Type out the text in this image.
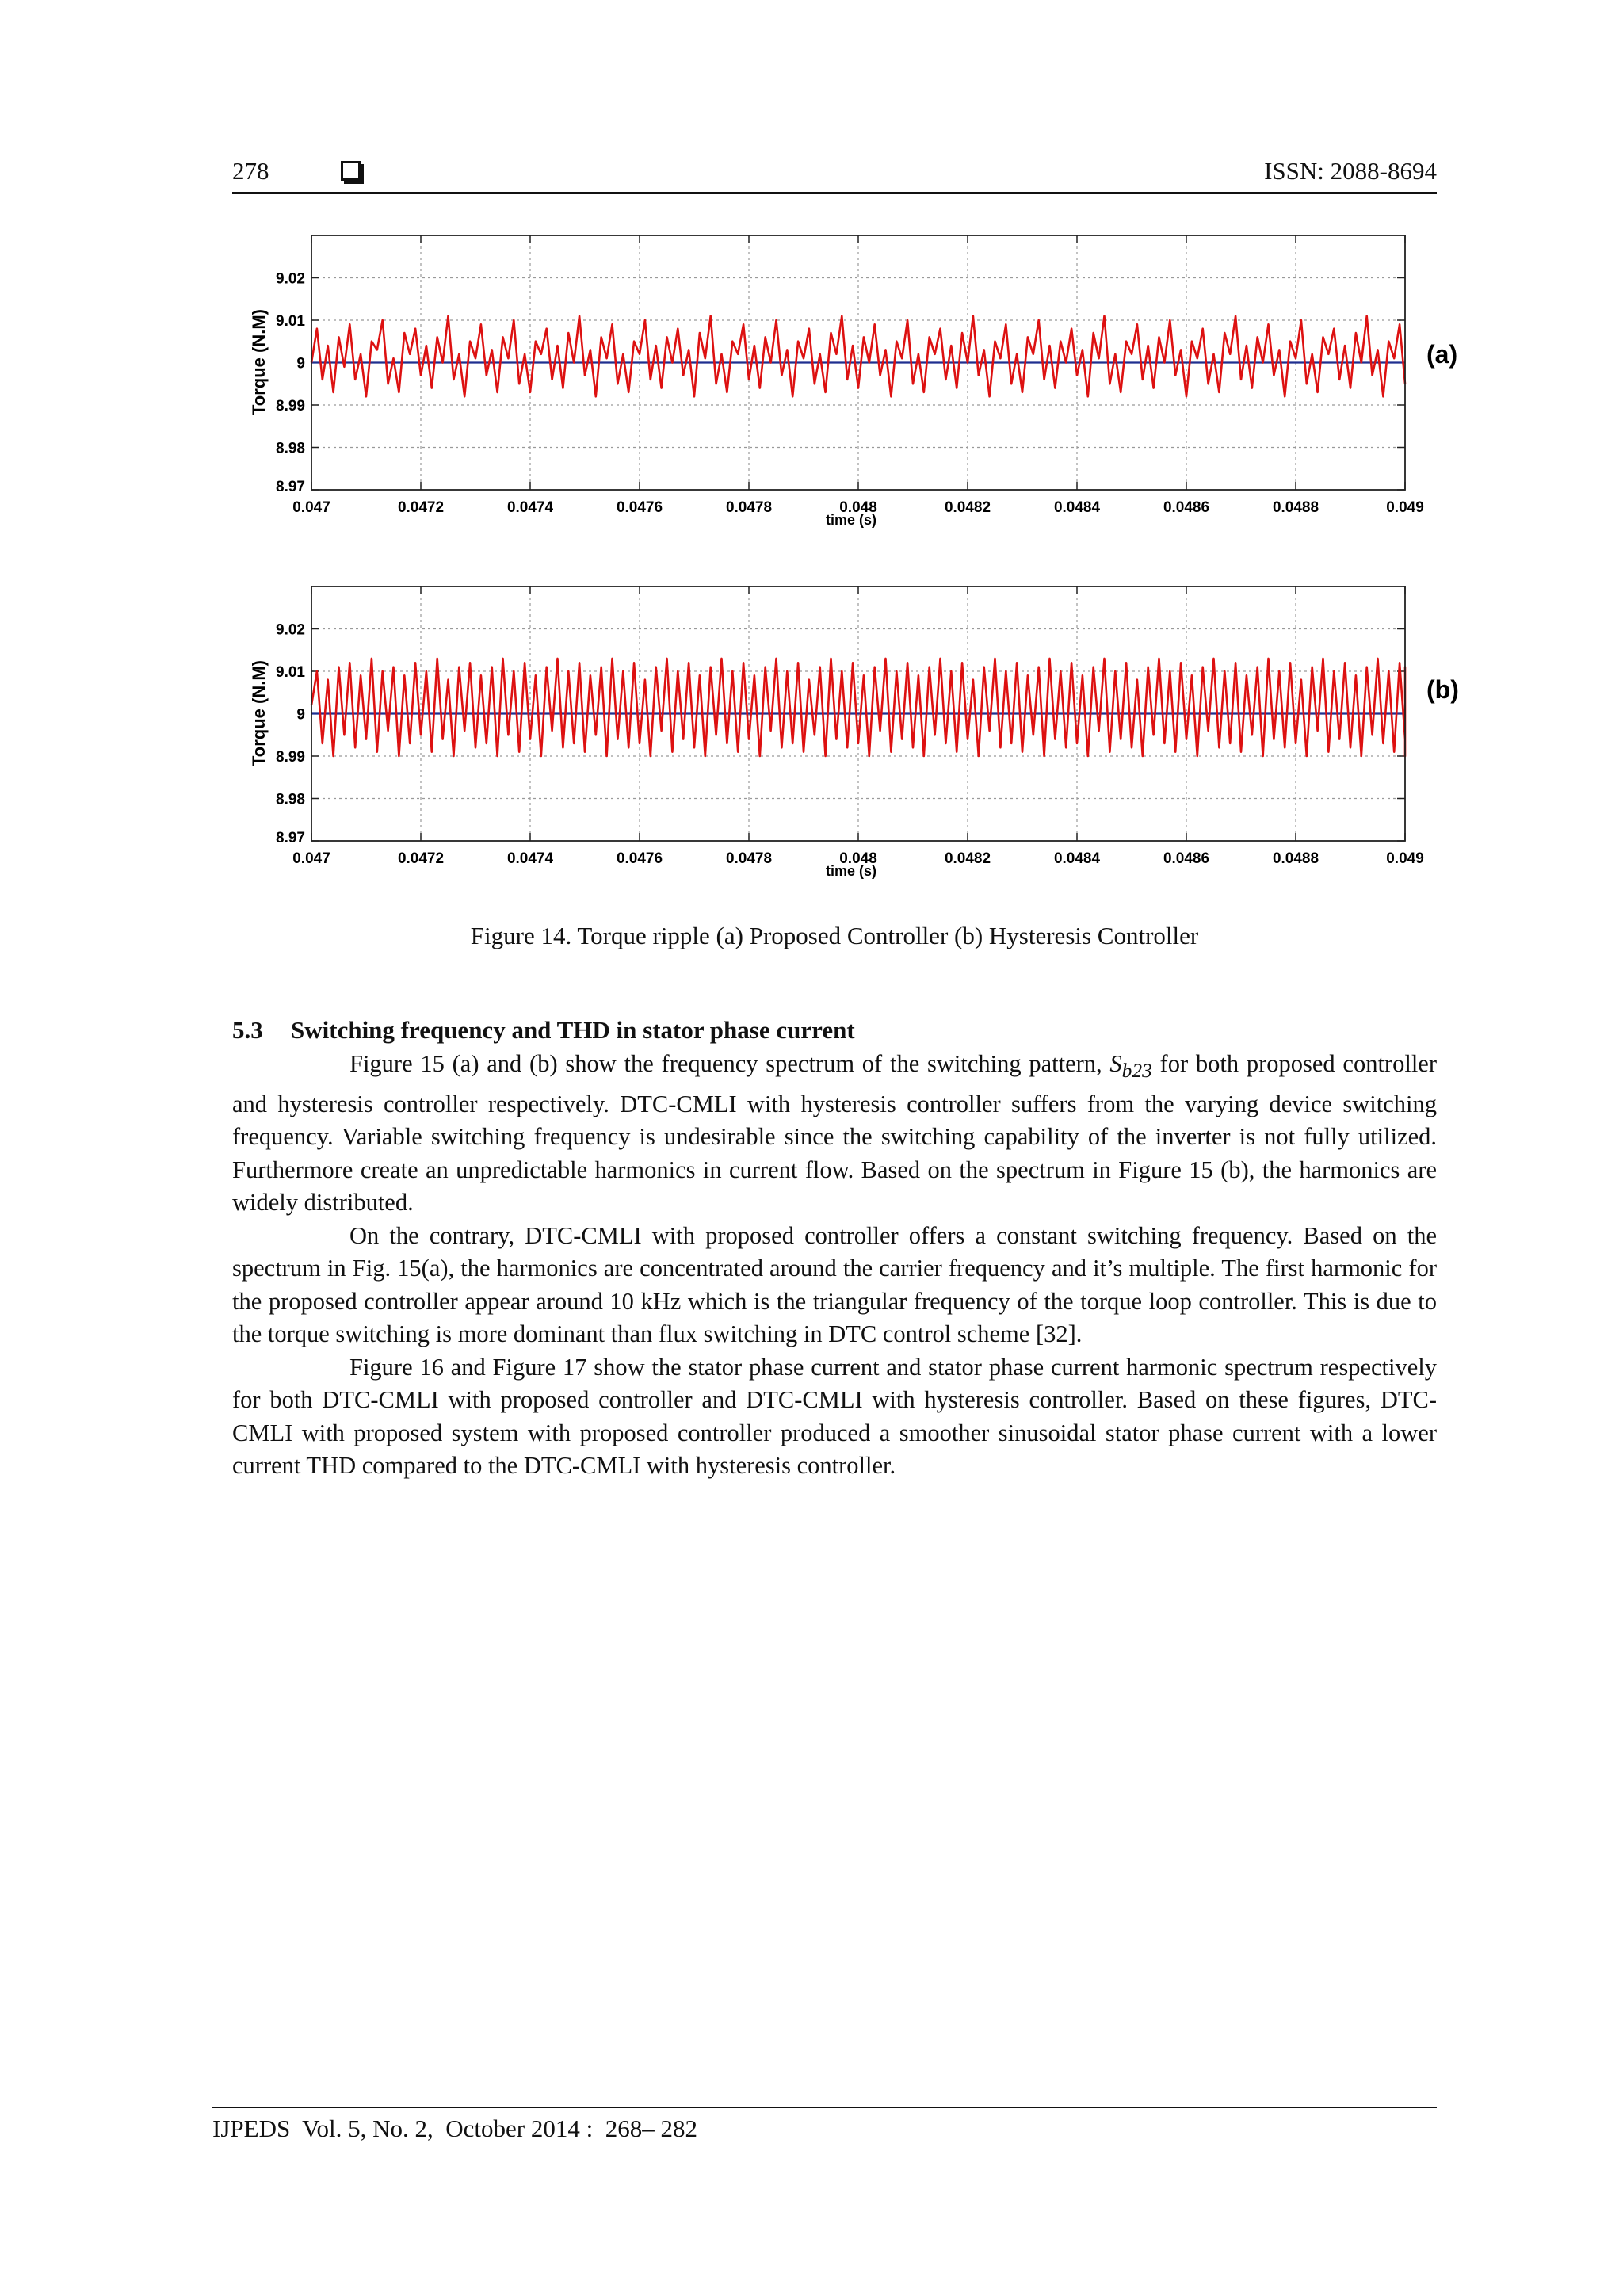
278	ISSN: 2088-8694
0.047	0.0472	0.0474	0.0476	0.0478	0.048	0.0482	0.0484	0.0486	0.0488	0.049
8.97
8.98
8.99
9
9.01
9.02
Torque (N.M)
time (s)
(a)
0.047	0.0472	0.0474	0.0476	0.0478	0.048	0.0482	0.0484	0.0486	0.0488	0.049
8.97
8.98
8.99
9
9.01
9.02
Torque (N.M)
time (s)
(b)
Figure 14. Torque ripple (a) Proposed Controller (b) Hysteresis Controller
5.3 Switching frequency and THD in stator phase current

Figure 15 (a) and (b) show the frequency spectrum of the switching pattern, $S_{b23}$ for both proposed controller and hysteresis controller respectively. DTC-CMLI with hysteresis controller suffers from the varying device switching frequency. Variable switching frequency is undesirable since the switching capability of the inverter is not fully utilized. Furthermore create an unpredictable harmonics in current flow. Based on the spectrum in Figure 15 (b), the harmonics are widely distributed.

On the contrary, DTC-CMLI with proposed controller offers a constant switching frequency. Based on the spectrum in Fig. 15(a), the harmonics are concentrated around the carrier frequency and it’s multiple. The first harmonic for the proposed controller appear around 10 kHz which is the triangular frequency of the torque loop controller. This is due to the torque switching is more dominant than flux switching in DTC control scheme [32].

Figure 16 and Figure 17 show the stator phase current and stator phase current harmonic spectrum respectively for both DTC-CMLI with proposed controller and DTC-CMLI with hysteresis controller. Based on these figures, DTC-CMLI with proposed system with proposed controller produced a smoother sinusoidal stator phase current with a lower current THD compared to the DTC-CMLI with hysteresis controller.

IJPEDS  Vol. 5, No. 2,  October 2014 :  268– 282
